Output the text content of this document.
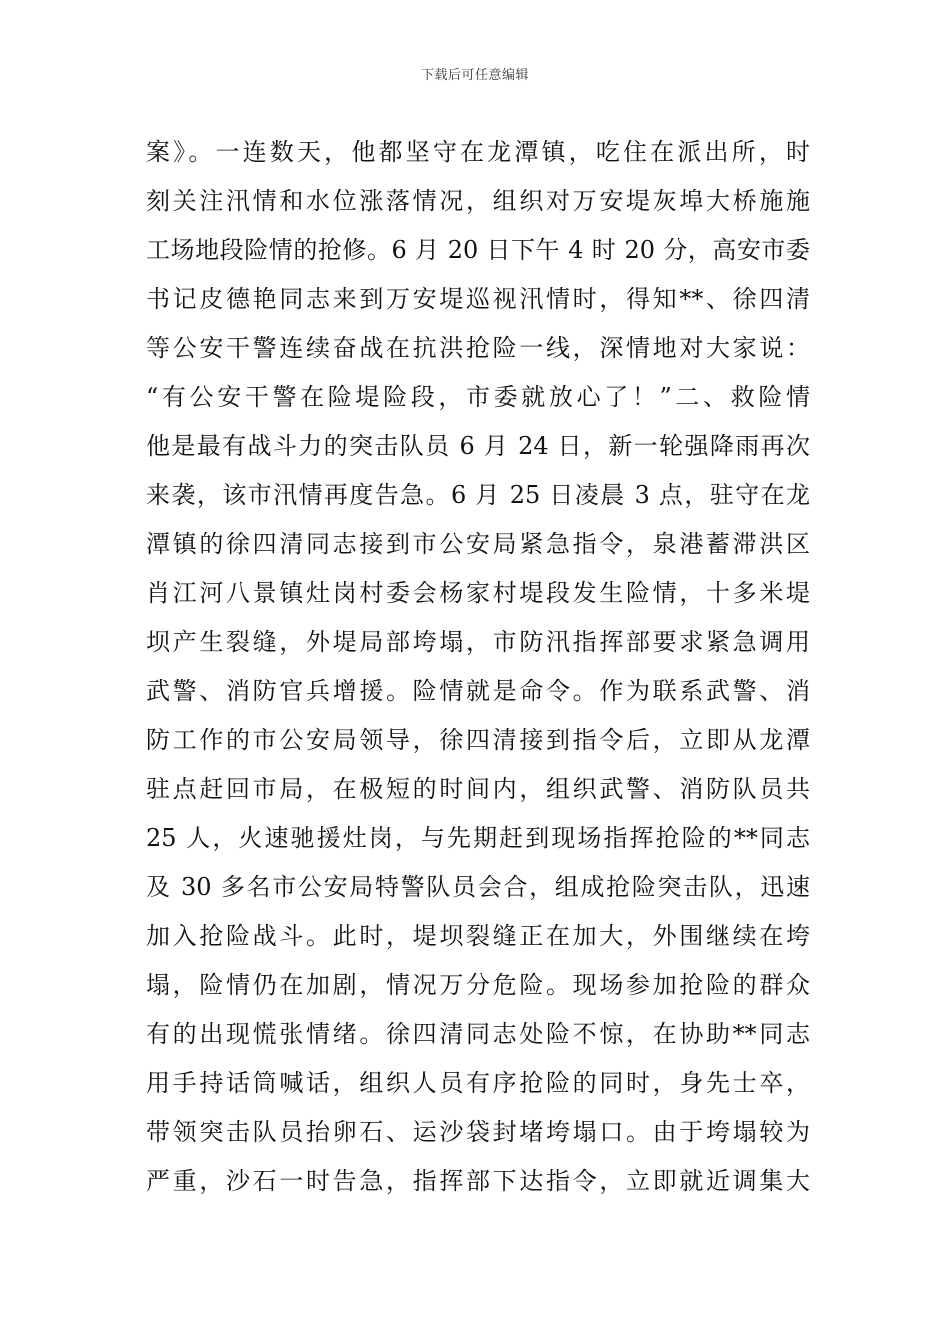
下载后可任意编辑
案》。一连数天，他都坚守在龙潭镇，吃住在派出所，时
刻关注汛情和水位涨落情况，组织对万安堤灰埠大桥施施
工场地段险情的抢修。6 月 20 日下午 4 时 20 分，高安市委
书记皮德艳同志来到万安堤巡视汛情时，得知**、徐四清
等公安干警连续奋战在抗洪抢险一线，深情地对大家说：
“有公安干警在险堤险段，市委就放心了！”二、救险情
他是最有战斗力的突击队员 6 月 24 日，新一轮强降雨再次
来袭，该市汛情再度告急。6 月 25 日凌晨 3 点，驻守在龙
潭镇的徐四清同志接到市公安局紧急指令，泉港蓄滞洪区
肖江河八景镇灶岗村委会杨家村堤段发生险情，十多米堤
坝产生裂缝，外堤局部垮塌，市防汛指挥部要求紧急调用
武警、消防官兵增援。险情就是命令。作为联系武警、消
防工作的市公安局领导，徐四清接到指令后，立即从龙潭
驻点赶回市局，在极短的时间内，组织武警、消防队员共
25 人，火速驰援灶岗，与先期赶到现场指挥抢险的**同志
及 30 多名市公安局特警队员会合，组成抢险突击队，迅速
加入抢险战斗。此时，堤坝裂缝正在加大，外围继续在垮
塌，险情仍在加剧，情况万分危险。现场参加抢险的群众
有的出现慌张情绪。徐四清同志处险不惊，在协助**同志
用手持话筒喊话，组织人员有序抢险的同时，身先士卒，
带领突击队员抬卵石、运沙袋封堵垮塌口。由于垮塌较为
严重，沙石一时告急，指挥部下达指令，立即就近调集大
